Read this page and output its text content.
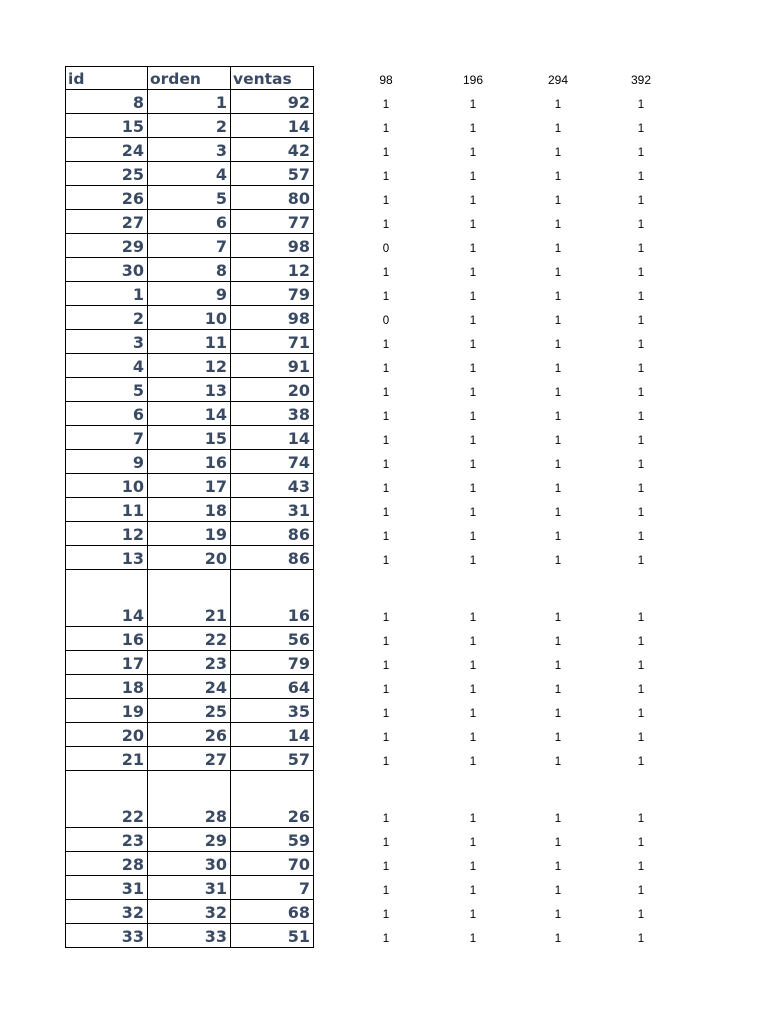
id	orden	ventas	98	196	294	392
8	1	92	1	1	1	1
15	2	14	1	1	1	1
24	3	42	1	1	1	1
25	4	57	1	1	1	1
26	5	80	1	1	1	1
27	6	77	1	1	1	1
29	7	98	0	1	1	1
30	8	12	1	1	1	1
1	9	79	1	1	1	1
2	10	98	0	1	1	1
3	11	71	1	1	1	1
4	12	91	1	1	1	1
5	13	20	1	1	1	1
6	14	38	1	1	1	1
7	15	14	1	1	1	1
9	16	74	1	1	1	1
10	17	43	1	1	1	1
11	18	31	1	1	1	1
12	19	86	1	1	1	1
13	20	86	1	1	1	1
14	21	16	1	1	1	1
16	22	56	1	1	1	1
17	23	79	1	1	1	1
18	24	64	1	1	1	1
19	25	35	1	1	1	1
20	26	14	1	1	1	1
21	27	57	1	1	1	1
22	28	26	1	1	1	1
23	29	59	1	1	1	1
28	30	70	1	1	1	1
31	31	7	1	1	1	1
32	32	68	1	1	1	1
33	33	51	1	1	1	1
